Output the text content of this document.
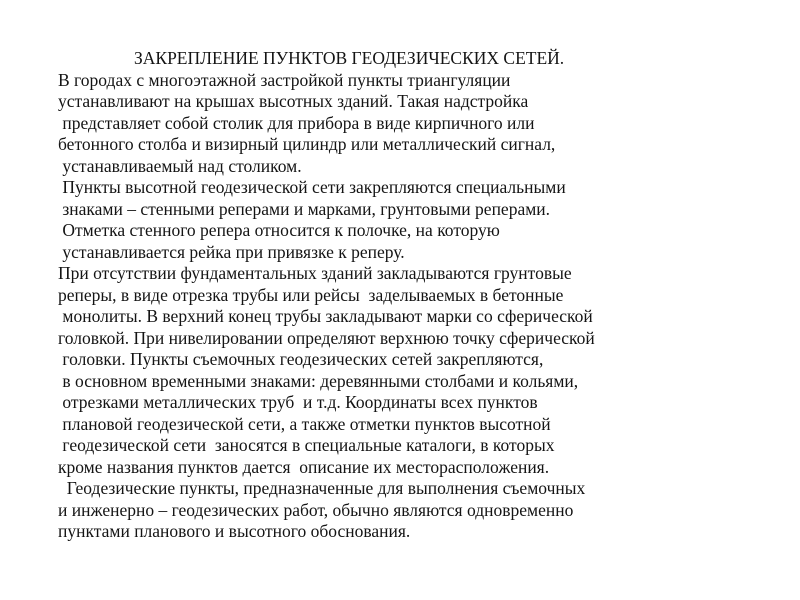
ЗАКРЕПЛЕНИЕ ПУНКТОВ ГЕОДЕЗИЧЕСКИХ СЕТЕЙ.
В городах с многоэтажной застройкой пункты триангуляции
устанавливают на крышах высотных зданий. Такая надстройка
представляет собой столик для прибора в виде кирпичного или
бетонного столба и визирный цилиндр или металлический сигнал,
устанавливаемый над столиком.
Пункты высотной геодезической сети закрепляются специальными
знаками – стенными реперами и марками, грунтовыми реперами.
Отметка стенного репера относится к полочке, на которую
устанавливается рейка при привязке к реперу.
При отсутствии фундаментальных зданий закладываются грунтовые
реперы, в виде отрезка трубы или рейсы  заделываемых в бетонные
монолиты. В верхний конец трубы закладывают марки со сферической
головкой. При нивелировании определяют верхнюю точку сферической
головки. Пункты съемочных геодезических сетей закрепляются,
в основном временными знаками: деревянными столбами и кольями,
отрезками металлических труб  и т.д. Координаты всех пунктов
плановой геодезической сети, а также отметки пунктов высотной
геодезической сети  заносятся в специальные каталоги, в которых
кроме названия пунктов дается  описание их месторасположения.
Геодезические пункты, предназначенные для выполнения съемочных
и инженерно – геодезических работ, обычно являются одновременно
пунктами планового и высотного обоснования.
